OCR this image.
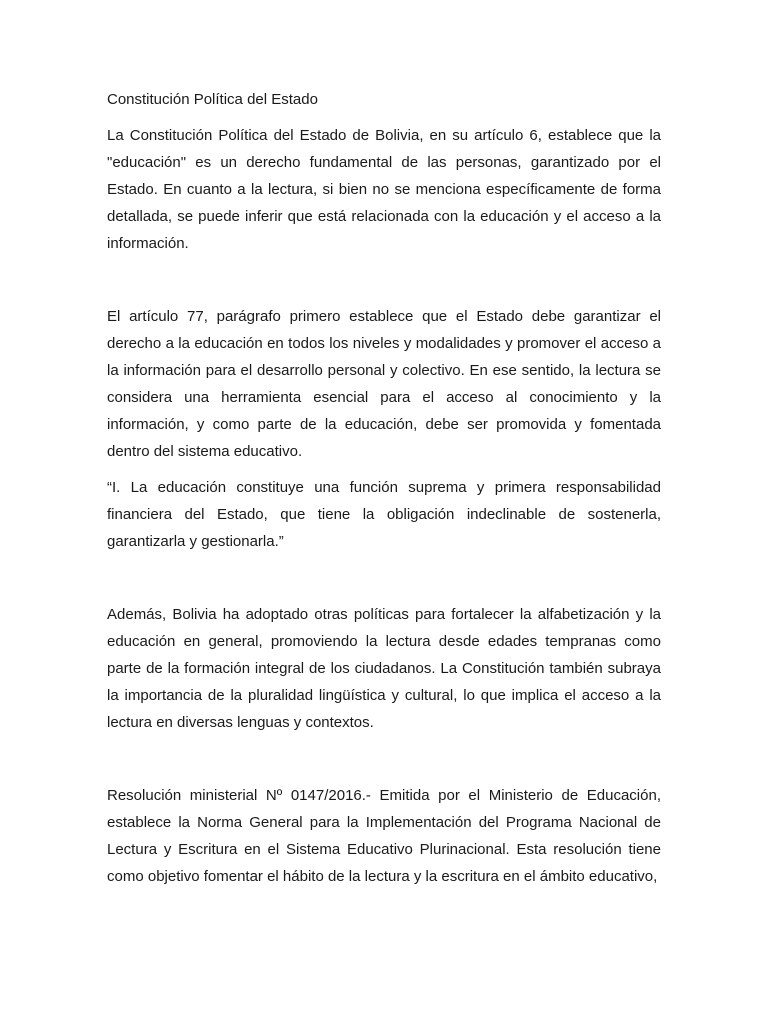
Constitución Política del Estado

La Constitución Política del Estado de Bolivia, en su artículo 6, establece que la "educación" es un derecho fundamental de las personas, garantizado por el Estado. En cuanto a la lectura, si bien no se menciona específicamente de forma detallada, se puede inferir que está relacionada con la educación y el acceso a la información.

El artículo 77, parágrafo primero establece que el Estado debe garantizar el derecho a la educación en todos los niveles y modalidades y promover el acceso a la información para el desarrollo personal y colectivo. En ese sentido, la lectura se considera una herramienta esencial para el acceso al conocimiento y la información, y como parte de la educación, debe ser promovida y fomentada dentro del sistema educativo.

“I. La educación constituye una función suprema y primera responsabilidad financiera del Estado, que tiene la obligación indeclinable de sostenerla, garantizarla y gestionarla.”

Además, Bolivia ha adoptado otras políticas para fortalecer la alfabetización y la educación en general, promoviendo la lectura desde edades tempranas como parte de la formación integral de los ciudadanos. La Constitución también subraya la importancia de la pluralidad lingüística y cultural, lo que implica el acceso a la lectura en diversas lenguas y contextos.

Resolución ministerial Nº 0147/2016.- Emitida por el Ministerio de Educación, establece la Norma General para la Implementación del Programa Nacional de Lectura y Escritura en el Sistema Educativo Plurinacional. Esta resolución tiene como objetivo fomentar el hábito de la lectura y la escritura en el ámbito educativo,
